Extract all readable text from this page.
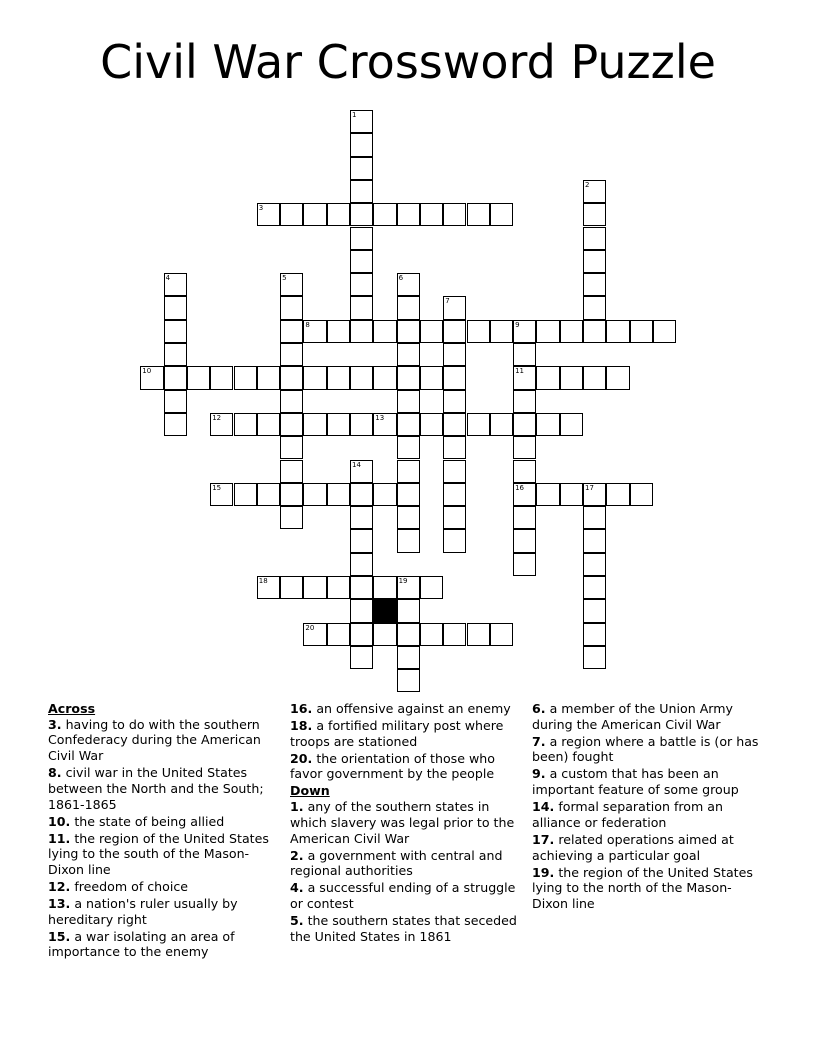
Civil War Crossword Puzzle
1
2
3
4	5	6
7
8	9
11
16
10
12	13
14
15	17
18	19
20
Across
3. having to do with the southern Confederacy during the American Civil War
8. civil war in the United States between the North and the South; 1861-1865
10. the state of being allied
11. the region of the United States lying to the south of the Mason-Dixon line
12. freedom of choice
13. a nation's ruler usually by hereditary right
15. a war isolating an area of importance to the enemy
16. an offensive against an enemy
18. a fortified military post where troops are stationed
20. the orientation of those who favor government by the people
Down
1. any of the southern states in which slavery was legal prior to the American Civil War
2. a government with central and regional authorities
4. a successful ending of a struggle or contest
5. the southern states that seceded the United States in 1861
6. a member of the Union Army during the American Civil War
7. a region where a battle is (or has been) fought
9. a custom that has been an important feature of some group
14. formal separation from an alliance or federation
17. related operations aimed at achieving a particular goal
19. the region of the United States lying to the north of the Mason-Dixon line
